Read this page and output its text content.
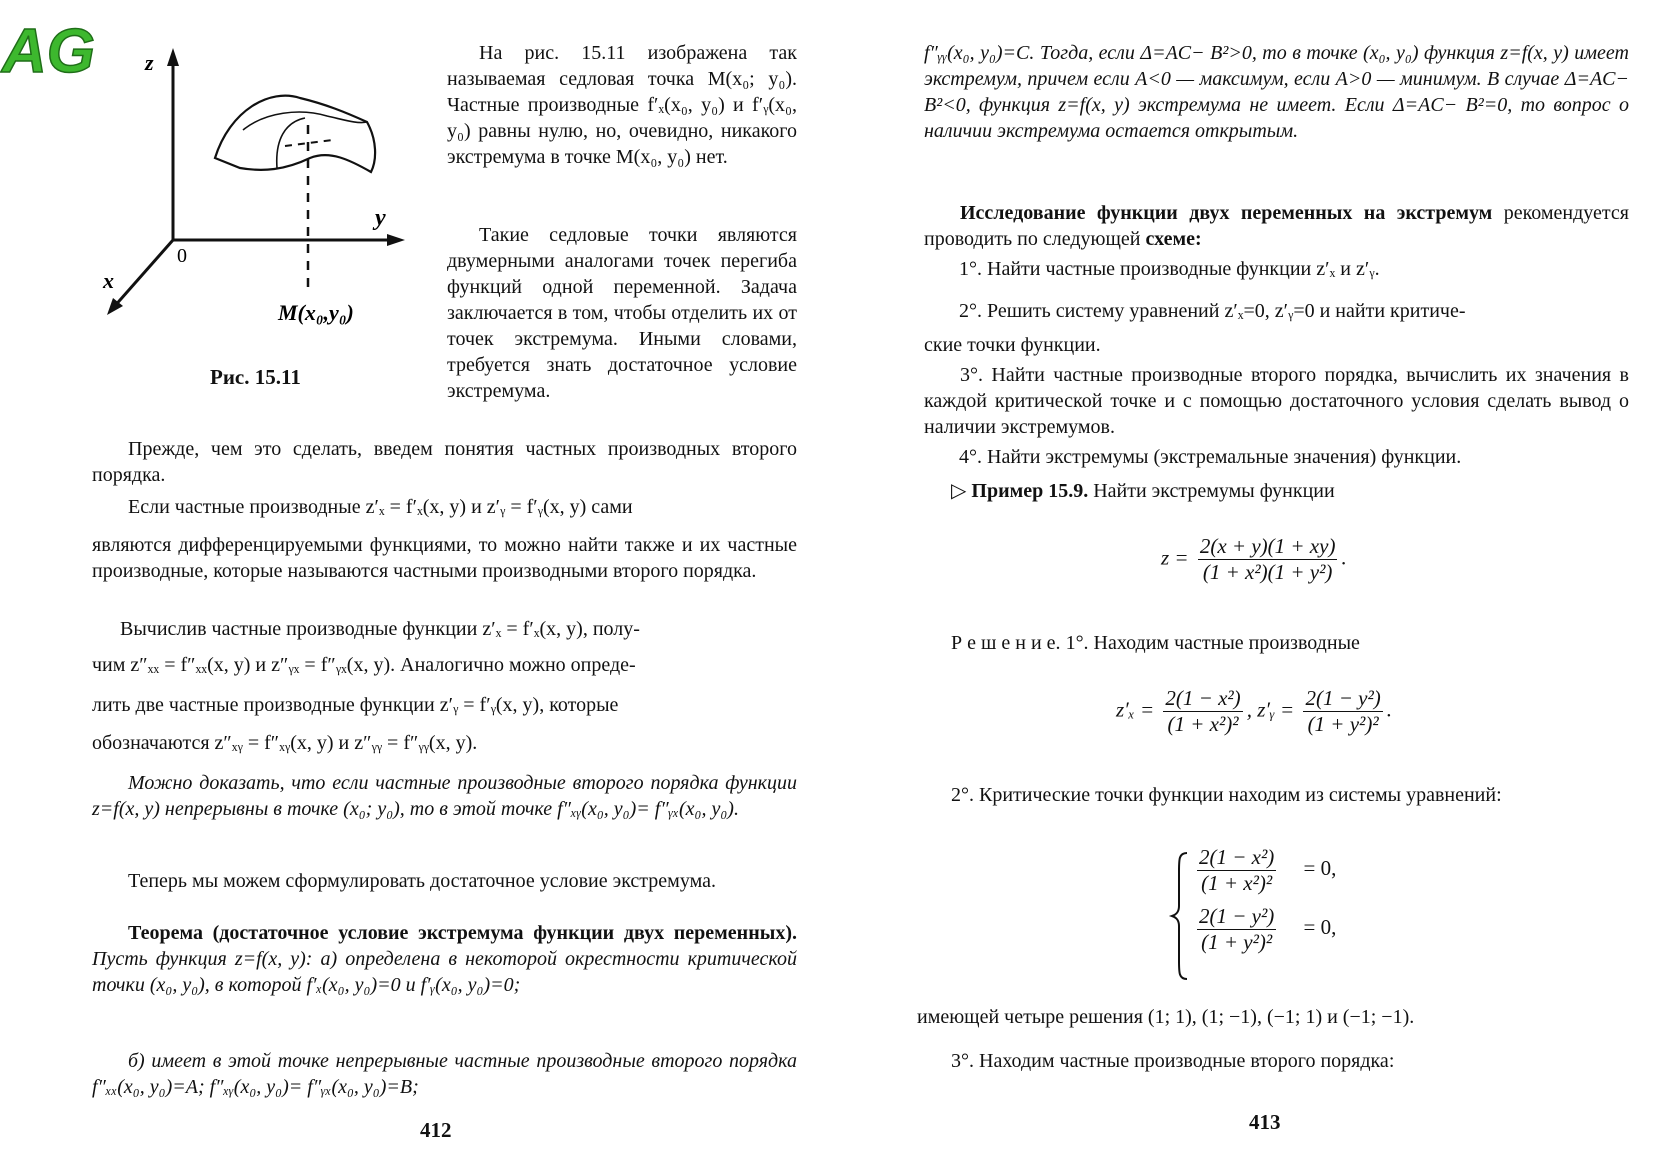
AG z
y
x
0
M(x₀,y₀)
Рис. 15.11
На рис. 15.11 изображена так называемая седловая точка M(x₀; y₀). Частные производные f′ₓ(x₀, y₀) и f′ᵧ(x₀, y₀) равны нулю, но, очевидно, никакого экстремума в точке M(x₀, y₀) нет.
Такие седловые точки являются двумерными аналогами точек перегиба функций одной переменной. Задача заключается в том, чтобы отделить их от точек экстремума. Иными словами, требуется знать достаточное условие экстремума.
Прежде, чем это сделать, введем понятия частных производных второго порядка.
Если частные производные z′ₓ = f′ₓ(x, y) и z′ᵧ = f′ᵧ(x, y) сами
являются дифференцируемыми функциями, то можно найти также и их частные производные, которые называются частными производными второго порядка.
Вычислив частные производные функции z′ₓ = f′ₓ(x, y), полу-
чим z″ₓₓ = f″ₓₓ(x, y) и z″ᵧₓ = f″ᵧₓ(x, y). Аналогично можно опреде-
лить две частные производные функции z′ᵧ = f′ᵧ(x, y), которые
обозначаются z″ₓᵧ = f″ₓᵧ(x, y) и z″ᵧᵧ = f″ᵧᵧ(x, y).
Можно доказать, что если частные производные второго порядка функции z=f(x, y) непрерывны в точке (x₀; y₀), то в этой точке f″ₓᵧ(x₀, y₀)= f″ᵧₓ(x₀, y₀).
Теперь мы можем сформулировать достаточное условие экстремума.
Теорема (достаточное условие экстремума функции двух переменных). Пусть функция z=f(x, y): а) определена в некоторой окрестности критической точки (x₀, y₀), в которой f′ₓ(x₀, y₀)=0 и f′ᵧ(x₀, y₀)=0;
б) имеет в этой точке непрерывные частные производные второго порядка f″ₓₓ(x₀, y₀)=A; f″ₓᵧ(x₀, y₀)= f″ᵧₓ(x₀, y₀)=B;
412
f″ᵧᵧ(x₀, y₀)=C. Тогда, если Δ=AC− B²>0, то в точке (x₀, y₀) функция z=f(x, y) имеет экстремум, причем если A<0 — максимум, если A>0 — минимум. В случае Δ=AC− B²<0, функция z=f(x, y) экстремума не имеет. Если Δ=AC− B²=0, то вопрос о наличии экстремума остается открытым.
Исследование функции двух переменных на экстремум рекомендуется проводить по следующей схеме:
1°. Найти частные производные функции z′ₓ и z′ᵧ.
2°. Решить систему уравнений z′ₓ=0, z′ᵧ=0 и найти критиче-
ские точки функции.
3°. Найти частные производные второго порядка, вычислить их значения в каждой критической точке и с помощью достаточного условия сделать вывод о наличии экстремумов.
4°. Найти экстремумы (экстремальные значения) функции.
▷ Пример 15.9. Найти экстремумы функции
$z = \frac{2(x + y)(1 + xy)}{\text{(1 + x²)(1 + y²)}}$ .
Р е ш е н и е. 1°. Находим частные производные
$z'_x = \frac{\text{2(1 − x²)}}{\text{(1 + x²)²}}$ , z′ᵧ = $\frac{\text{2(1 − y²)}}{\text{(1 + y²)²}}$ .
2°. Критические точки функции находим из системы уравнений:
$\frac{\text{2(1 − x²)}}{\text{(1 + x²)²}} = 0$,
$\frac{\text{2(1 − y²)}}{\text{(1 + y²)²}} = 0$,
имеющей четыре решения (1; 1), (1; −1), (−1; 1) и (−1; −1).
3°. Находим частные производные второго порядка:
413
